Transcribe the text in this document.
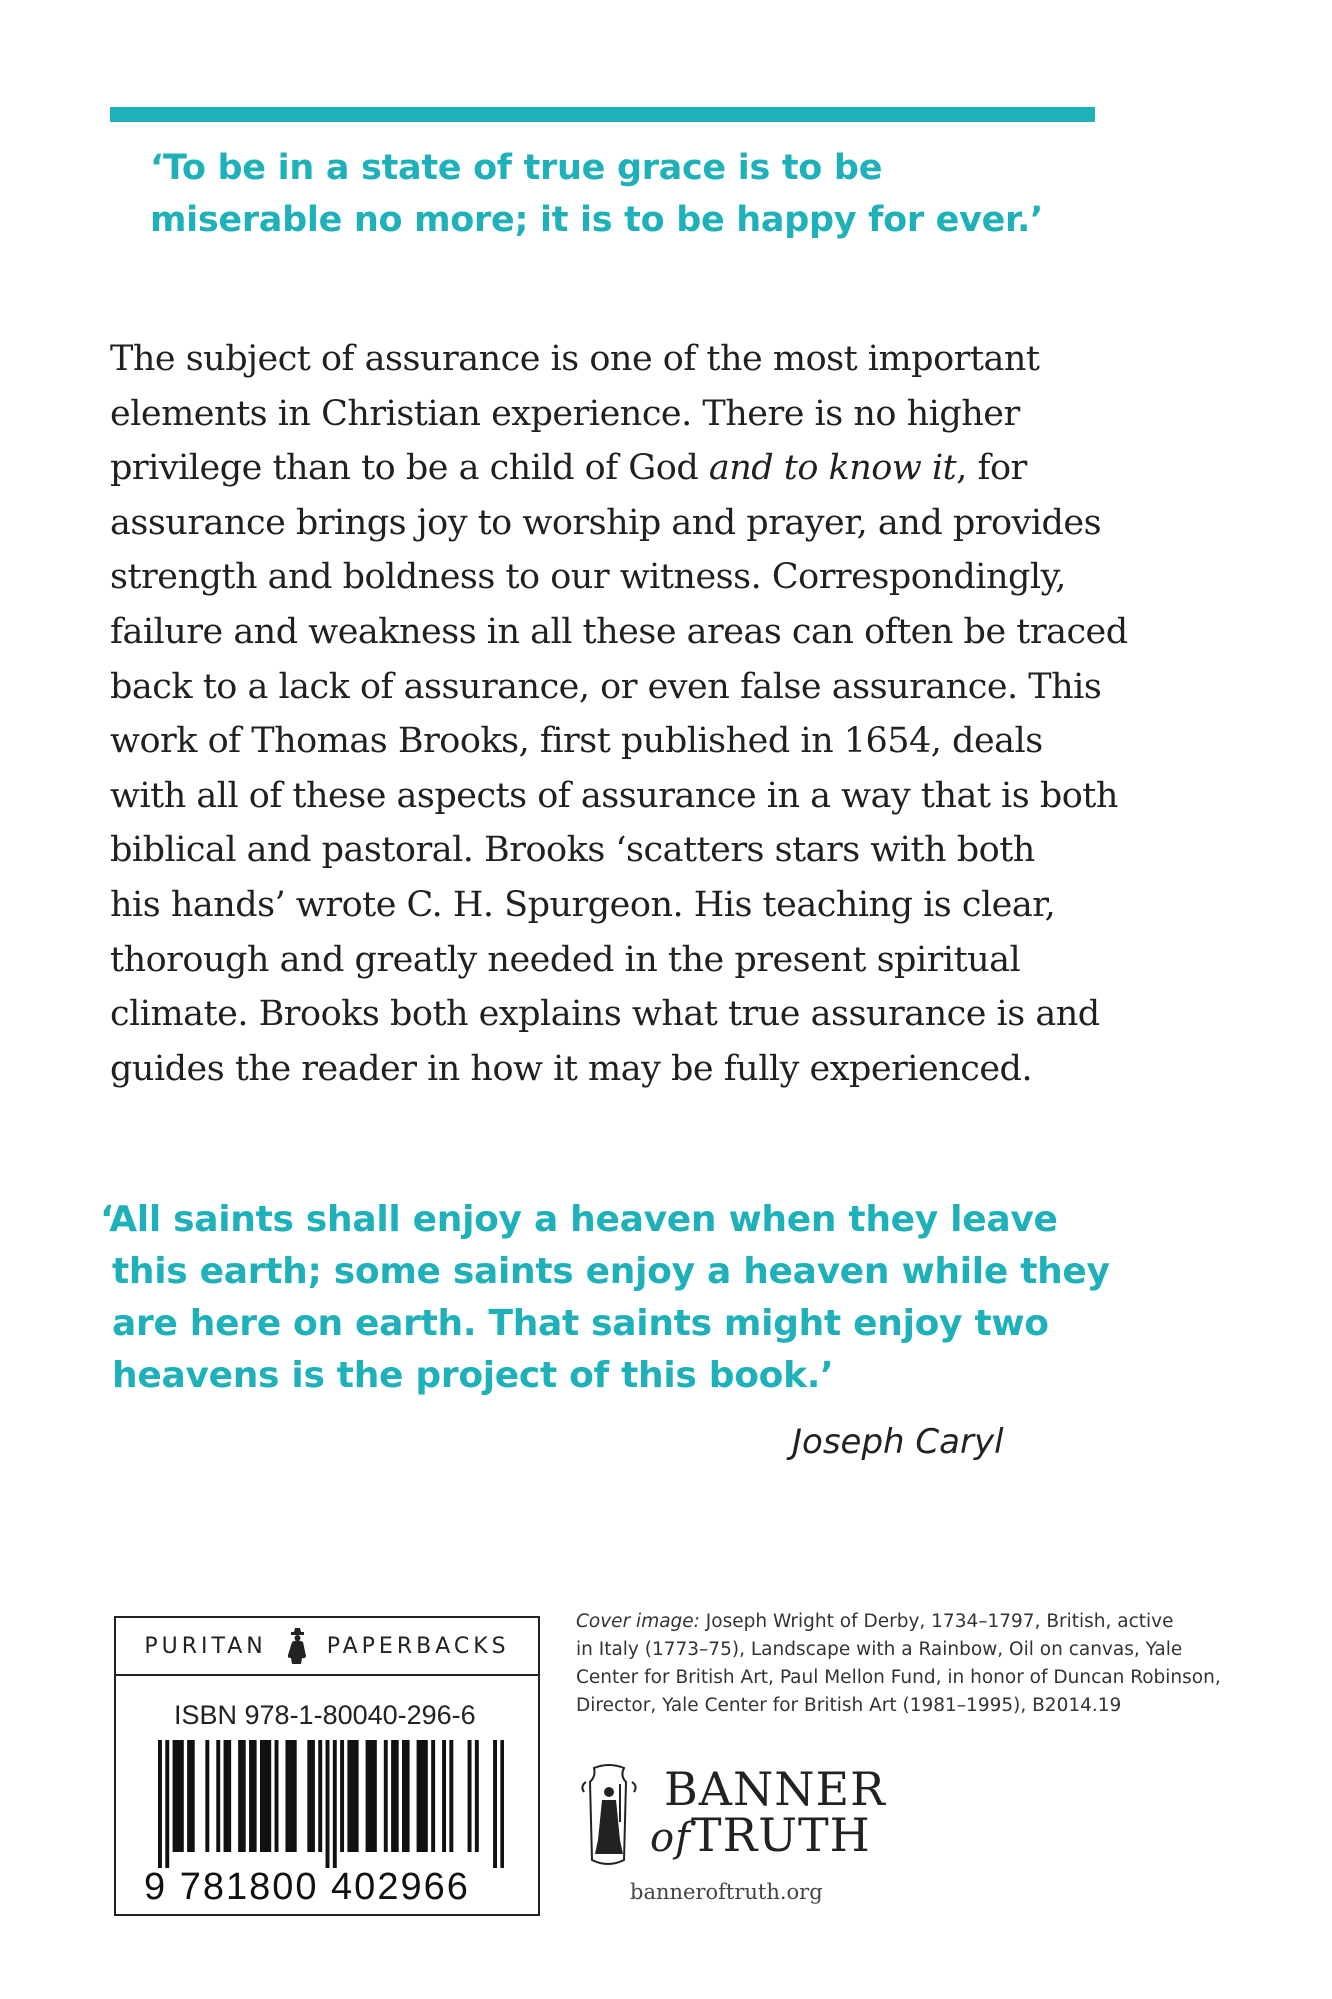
‘To be in a state of true grace is to be
miserable no more; it is to be happy for ever.’
The subject of assurance is one of the most important
elements in Christian experience. There is no higher
privilege than to be a child of God and to know it, for
assurance brings joy to worship and prayer, and provides
strength and boldness to our witness. Correspondingly,
failure and weakness in all these areas can often be traced
back to a lack of assurance, or even false assurance. This
work of Thomas Brooks, first published in 1654, deals
with all of these aspects of assurance in a way that is both
biblical and pastoral. Brooks ‘scatters stars with both
his hands’ wrote C. H. Spurgeon. His teaching is clear,
thorough and greatly needed in the present spiritual
climate. Brooks both explains what true assurance is and
guides the reader in how it may be fully experienced.
‘All saints shall enjoy a heaven when they leave
this earth; some saints enjoy a heaven while they
are here on earth. That saints might enjoy two
heavens is the project of this book.’
Joseph Caryl
PURITAN	PAPERBACKS
ISBN 978-1-80040-296-6
9 781800 402966
Cover image: Joseph Wright of Derby, 1734–1797, British, active
in Italy (1773–75), Landscape with a Rainbow, Oil on canvas, Yale
Center for British Art, Paul Mellon Fund, in honor of Duncan Robinson,
Director, Yale Center for British Art (1981–1995), B2014.19
BANNER
ofTRUTH
banneroftruth.org
